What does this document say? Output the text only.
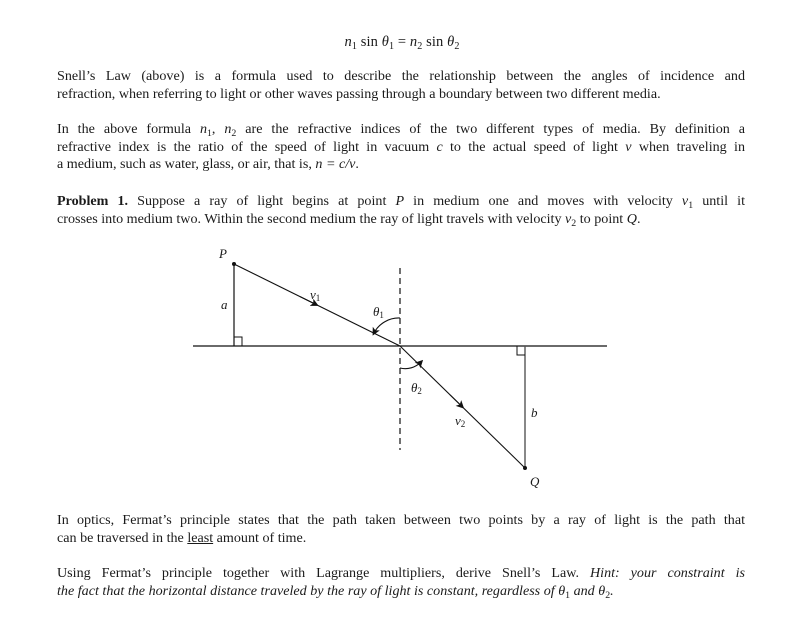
$n_1$ $\sin \theta_1 = n_2$ $\sin \theta_2$
Snell’s Law (above) is a formula used to describe the relationship between the angles of incidence and
refraction, when referring to light or other waves passing through a boundary between two different media.
In the above formula $n_1$, $n_2$ are the refractive indices of the two different types of media. By definition a
refractive index is the ratio of the speed of light in vacuum c to the actual speed of light v when traveling in
a medium, such as water, glass, or air, that is, n = c/v.
Problem 1. Suppose a ray of light begins at point P in medium one and moves with velocity $v_1$ until it
crosses into medium two. Within the second medium the ray of light travels with velocity $v_2$ to point Q.
P
Q
a
b
v1
v2
θ1
θ2
In optics, Fermat’s principle states that the path taken between two points by a ray of light is the path that
can be traversed in the least amount of time.
Using Fermat’s principle together with Lagrange multipliers, derive Snell’s Law. Hint: your constraint is
the fact that the horizontal distance traveled by the ray of light is constant, regardless of $\theta_1$ and $\theta_2$.
